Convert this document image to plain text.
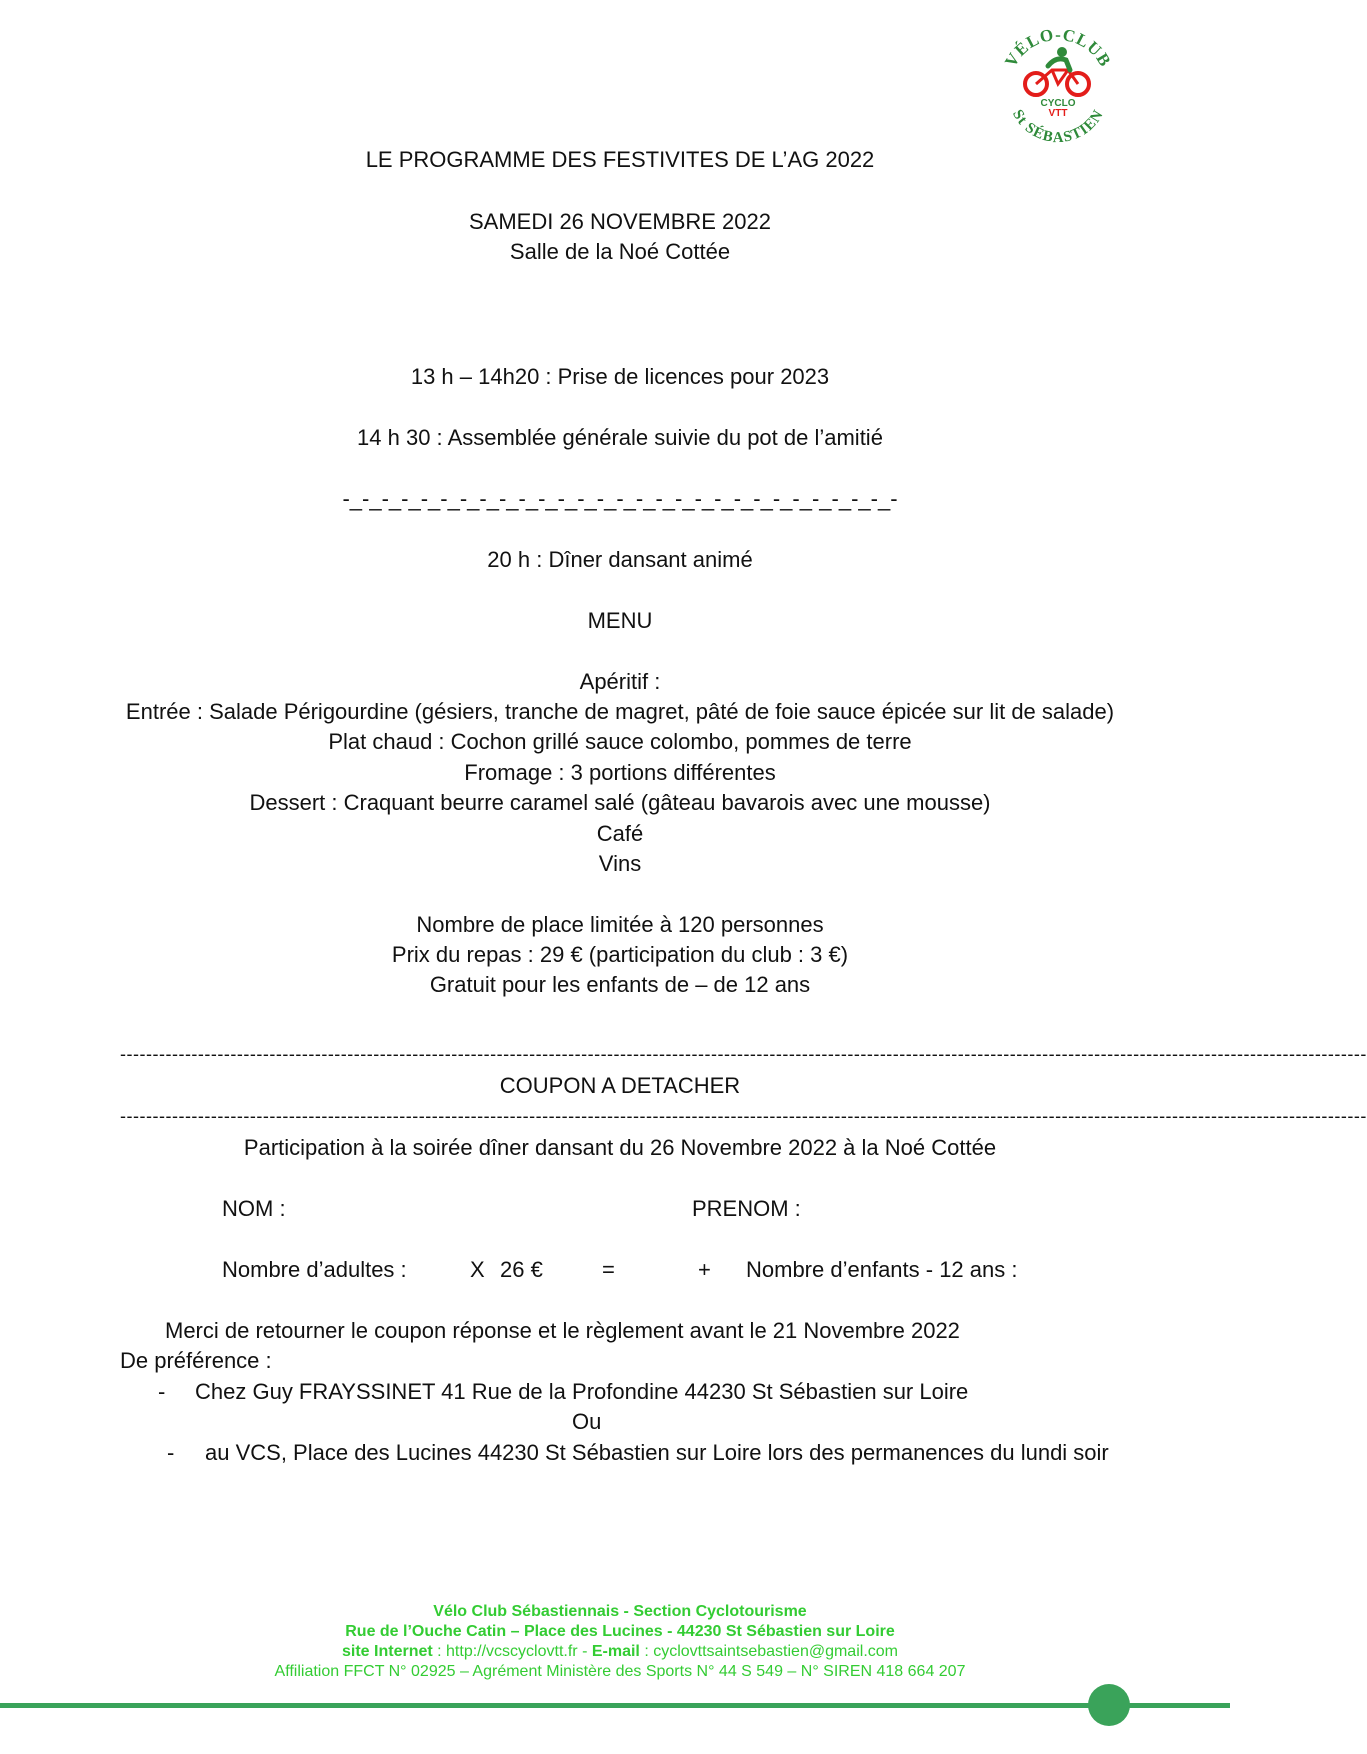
VÉLO-CLUB
St SÉBASTIEN
CYCLO
VTT
LE PROGRAMME DES FESTIVITES DE L’AG 2022
SAMEDI 26 NOVEMBRE 2022
Salle de la Noé Cottée
13 h – 14h20 : Prise de licences pour 2023
14 h 30 : Assemblée générale suivie du pot de l’amitié
-_-_-_-_-_-_-_-_-_-_-_-_-_-_-_-_-_-_-_-_-_-_-_-_-_-_-_-_-
20 h : Dîner dansant animé
MENU
Apéritif :
Entrée : Salade Périgourdine (gésiers, tranche de magret, pâté de foie sauce épicée sur lit de salade)
Plat chaud : Cochon grillé sauce colombo, pommes de terre
Fromage : 3 portions différentes
Dessert : Craquant beurre caramel salé (gâteau bavarois avec une mousse)
Café
Vins
Nombre de place limitée à 120 personnes
Prix du repas : 29 € (participation du club : 3 €)
Gratuit pour les enfants de – de 12 ans
------------------------------------------------------------------------------------------------------------------------------------------------------------------------------------------------
COUPON A DETACHER
------------------------------------------------------------------------------------------------------------------------------------------------------------------------------------------------
Participation à la soirée dîner dansant du 26 Novembre 2022 à la Noé Cottée
NOM :	PRENOM :
Nombre d’adultes :	X 26 €	=	+ Nombre d’enfants - 12 ans :
Merci de retourner le coupon réponse et le règlement avant le 21 Novembre 2022
De préférence :
- Chez Guy FRAYSSINET 41 Rue de la Profondine 44230 St Sébastien sur Loire
Ou
- au VCS, Place des Lucines 44230 St Sébastien sur Loire lors des permanences du lundi soir
Vélo Club Sébastiennais - Section Cyclotourisme
Rue de l’Ouche Catin – Place des Lucines - 44230 St Sébastien sur Loire
site Internet : http://vcscyclovtt.fr - E-mail : cyclovttsaintsebastien@gmail.com
Affiliation FFCT N° 02925 – Agrément Ministère des Sports N° 44 S 549 – N° SIREN 418 664 207
